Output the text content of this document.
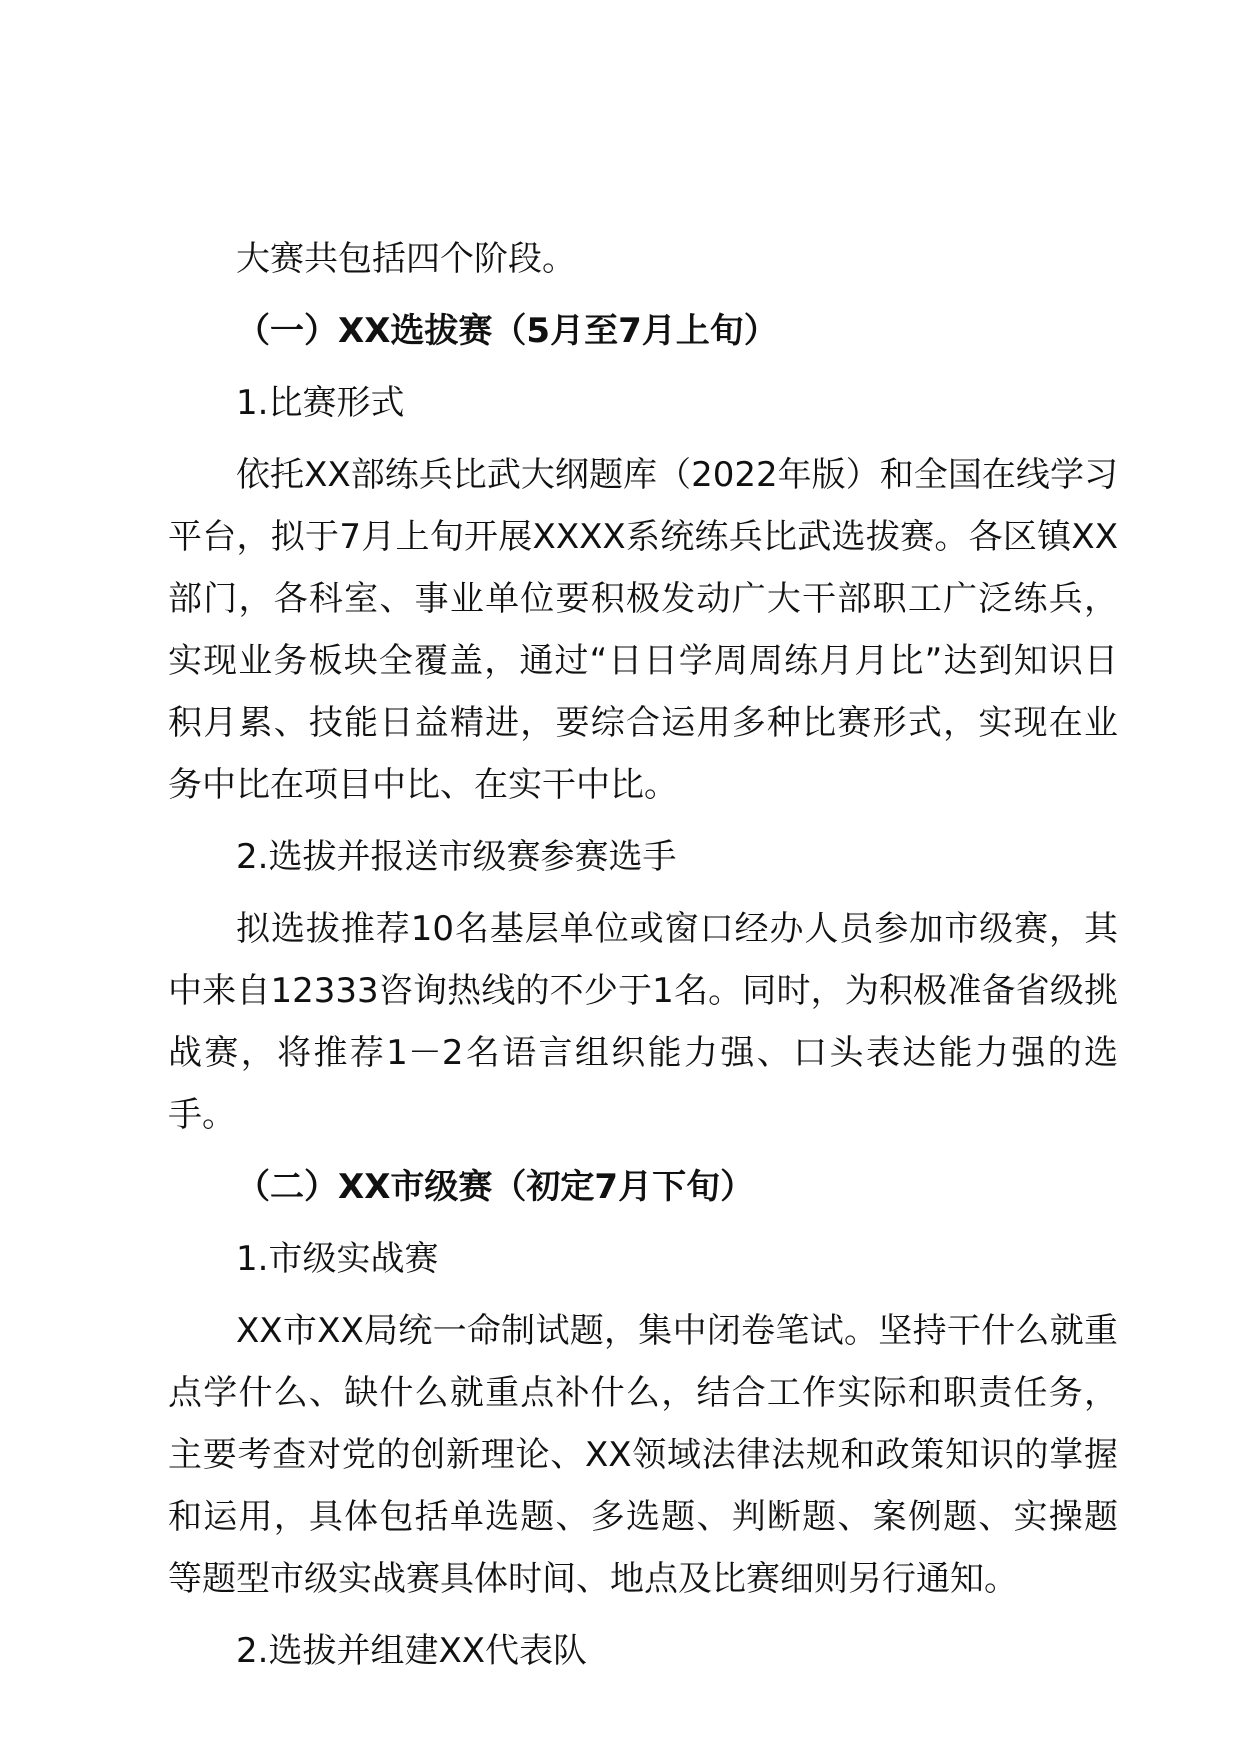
大赛共包括四个阶段。

（一）XX选拔赛（5月至7月上旬）

1.比赛形式

依托XX部练兵比武大纲题库（2022年版）和全国在线学习平台，拟于7月上旬开展XXXX系统练兵比武选拔赛。各区镇XX部门，各科室、事业单位要积极发动广大干部职工广泛练兵，实现业务板块全覆盖，通过“日日学周周练月月比”达到知识日积月累、技能日益精进，要综合运用多种比赛形式，实现在业务中比在项目中比、在实干中比。

2.选拔并报送市级赛参赛选手

拟选拔推荐10名基层单位或窗口经办人员参加市级赛，其中来自12333咨询热线的不少于1名。同时，为积极准备省级挑战赛，将推荐1－2名语言组织能力强、口头表达能力强的选手。

（二）XX市级赛（初定7月下旬）

1.市级实战赛

XX市XX局统一命制试题，集中闭卷笔试。坚持干什么就重点学什么、缺什么就重点补什么，结合工作实际和职责任务，主要考查对党的创新理论、XX领域法律法规和政策知识的掌握和运用，具体包括单选题、多选题、判断题、案例题、实操题等题型市级实战赛具体时间、地点及比赛细则另行通知。

2.选拔并组建XX代表队
